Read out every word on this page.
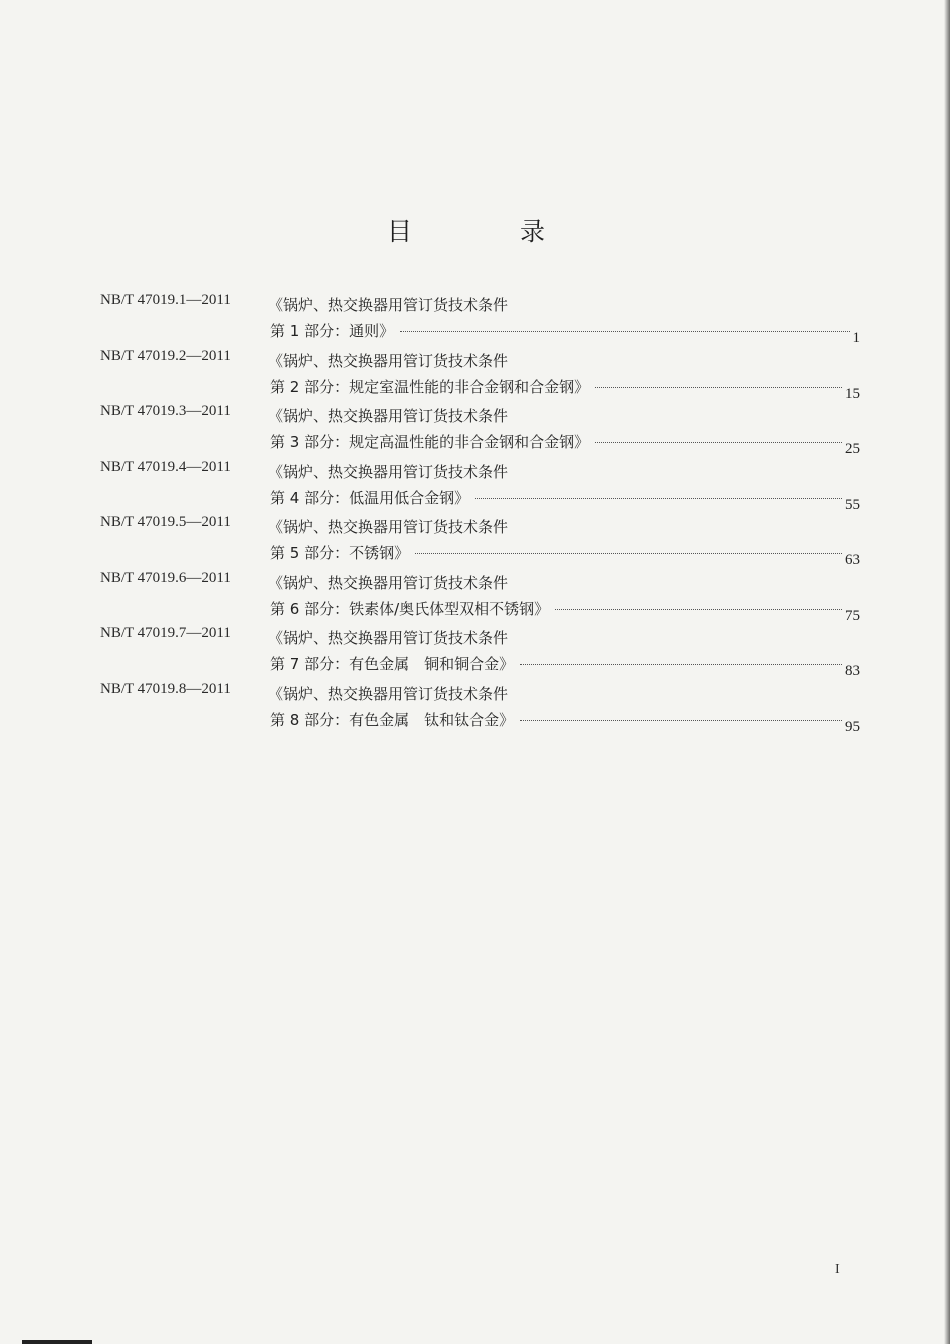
目 录
NB/T 47019.1—2011 《锅炉、热交换器用管订货技术条件
第 1 部分：通则》	1
NB/T 47019.2—2011 《锅炉、热交换器用管订货技术条件
第 2 部分：规定室温性能的非合金钢和合金钢》	15
NB/T 47019.3—2011 《锅炉、热交换器用管订货技术条件
第 3 部分：规定高温性能的非合金钢和合金钢》	25
NB/T 47019.4—2011 《锅炉、热交换器用管订货技术条件
第 4 部分：低温用低合金钢》	55
NB/T 47019.5—2011 《锅炉、热交换器用管订货技术条件
第 5 部分：不锈钢》	63
NB/T 47019.6—2011 《锅炉、热交换器用管订货技术条件
第 6 部分：铁素体/奥氏体型双相不锈钢》	75
NB/T 47019.7—2011 《锅炉、热交换器用管订货技术条件
第 7 部分：有色金属　铜和铜合金》	83
NB/T 47019.8—2011 《锅炉、热交换器用管订货技术条件
第 8 部分：有色金属　钛和钛合金》	95
I
